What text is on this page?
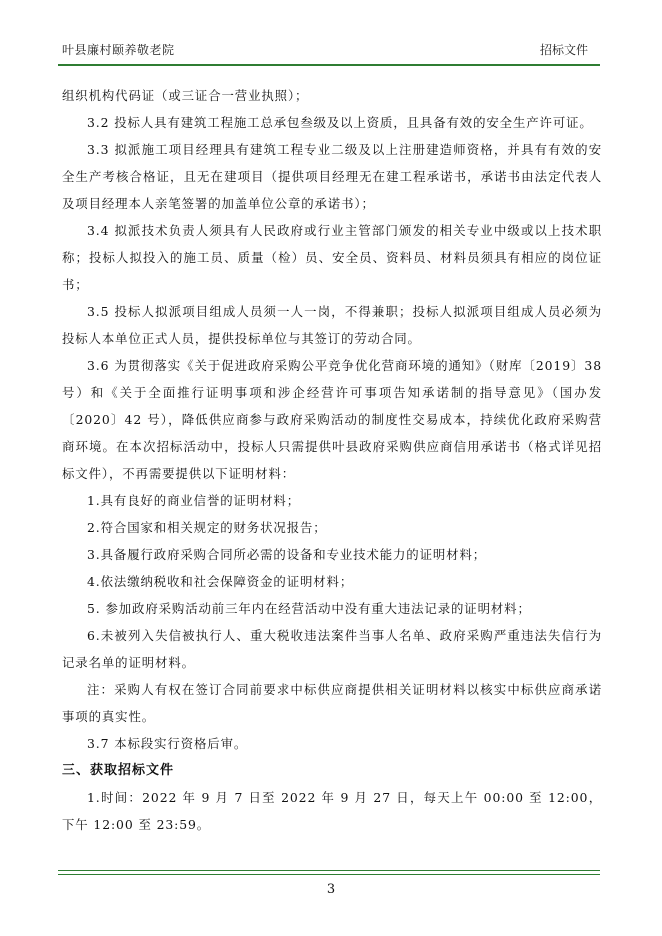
叶县廉村颐养敬老院	招标文件

组织机构代码证（或三证合一营业执照）；

3.2 投标人具有建筑工程施工总承包叁级及以上资质，且具备有效的安全生产许可证。

3.3 拟派施工项目经理具有建筑工程专业二级及以上注册建造师资格，并具有有效的安全生产考核合格证，且无在建项目（提供项目经理无在建工程承诺书，承诺书由法定代表人及项目经理本人亲笔签署的加盖单位公章的承诺书）；

3.4 拟派技术负责人须具有人民政府或行业主管部门颁发的相关专业中级或以上技术职称；投标人拟投入的施工员、质量（检）员、安全员、资料员、材料员须具有相应的岗位证书；

3.5 投标人拟派项目组成人员须一人一岗，不得兼职；投标人拟派项目组成人员必须为投标人本单位正式人员，提供投标单位与其签订的劳动合同。

3.6 为贯彻落实《关于促进政府采购公平竞争优化营商环境的通知》（财库〔2019〕38 号）和《关于全面推行证明事项和涉企经营许可事项告知承诺制的指导意见》（国办发〔2020〕42 号），降低供应商参与政府采购活动的制度性交易成本，持续优化政府采购营商环境。在本次招标活动中，投标人只需提供叶县政府采购供应商信用承诺书（格式详见招标文件），不再需要提供以下证明材料：

1.具有良好的商业信誉的证明材料；

2.符合国家和相关规定的财务状况报告；

3.具备履行政府采购合同所必需的设备和专业技术能力的证明材料；

4.依法缴纳税收和社会保障资金的证明材料；

5. 参加政府采购活动前三年内在经营活动中没有重大违法记录的证明材料；

6.未被列入失信被执行人、重大税收违法案件当事人名单、政府采购严重违法失信行为记录名单的证明材料。

注：采购人有权在签订合同前要求中标供应商提供相关证明材料以核实中标供应商承诺事项的真实性。

3.7 本标段实行资格后审。

三、获取招标文件

1.时间：2022 年 9 月 7 日至 2022 年 9 月 27 日，每天上午 00:00 至 12:00，下午 12:00 至 23:59。

3
